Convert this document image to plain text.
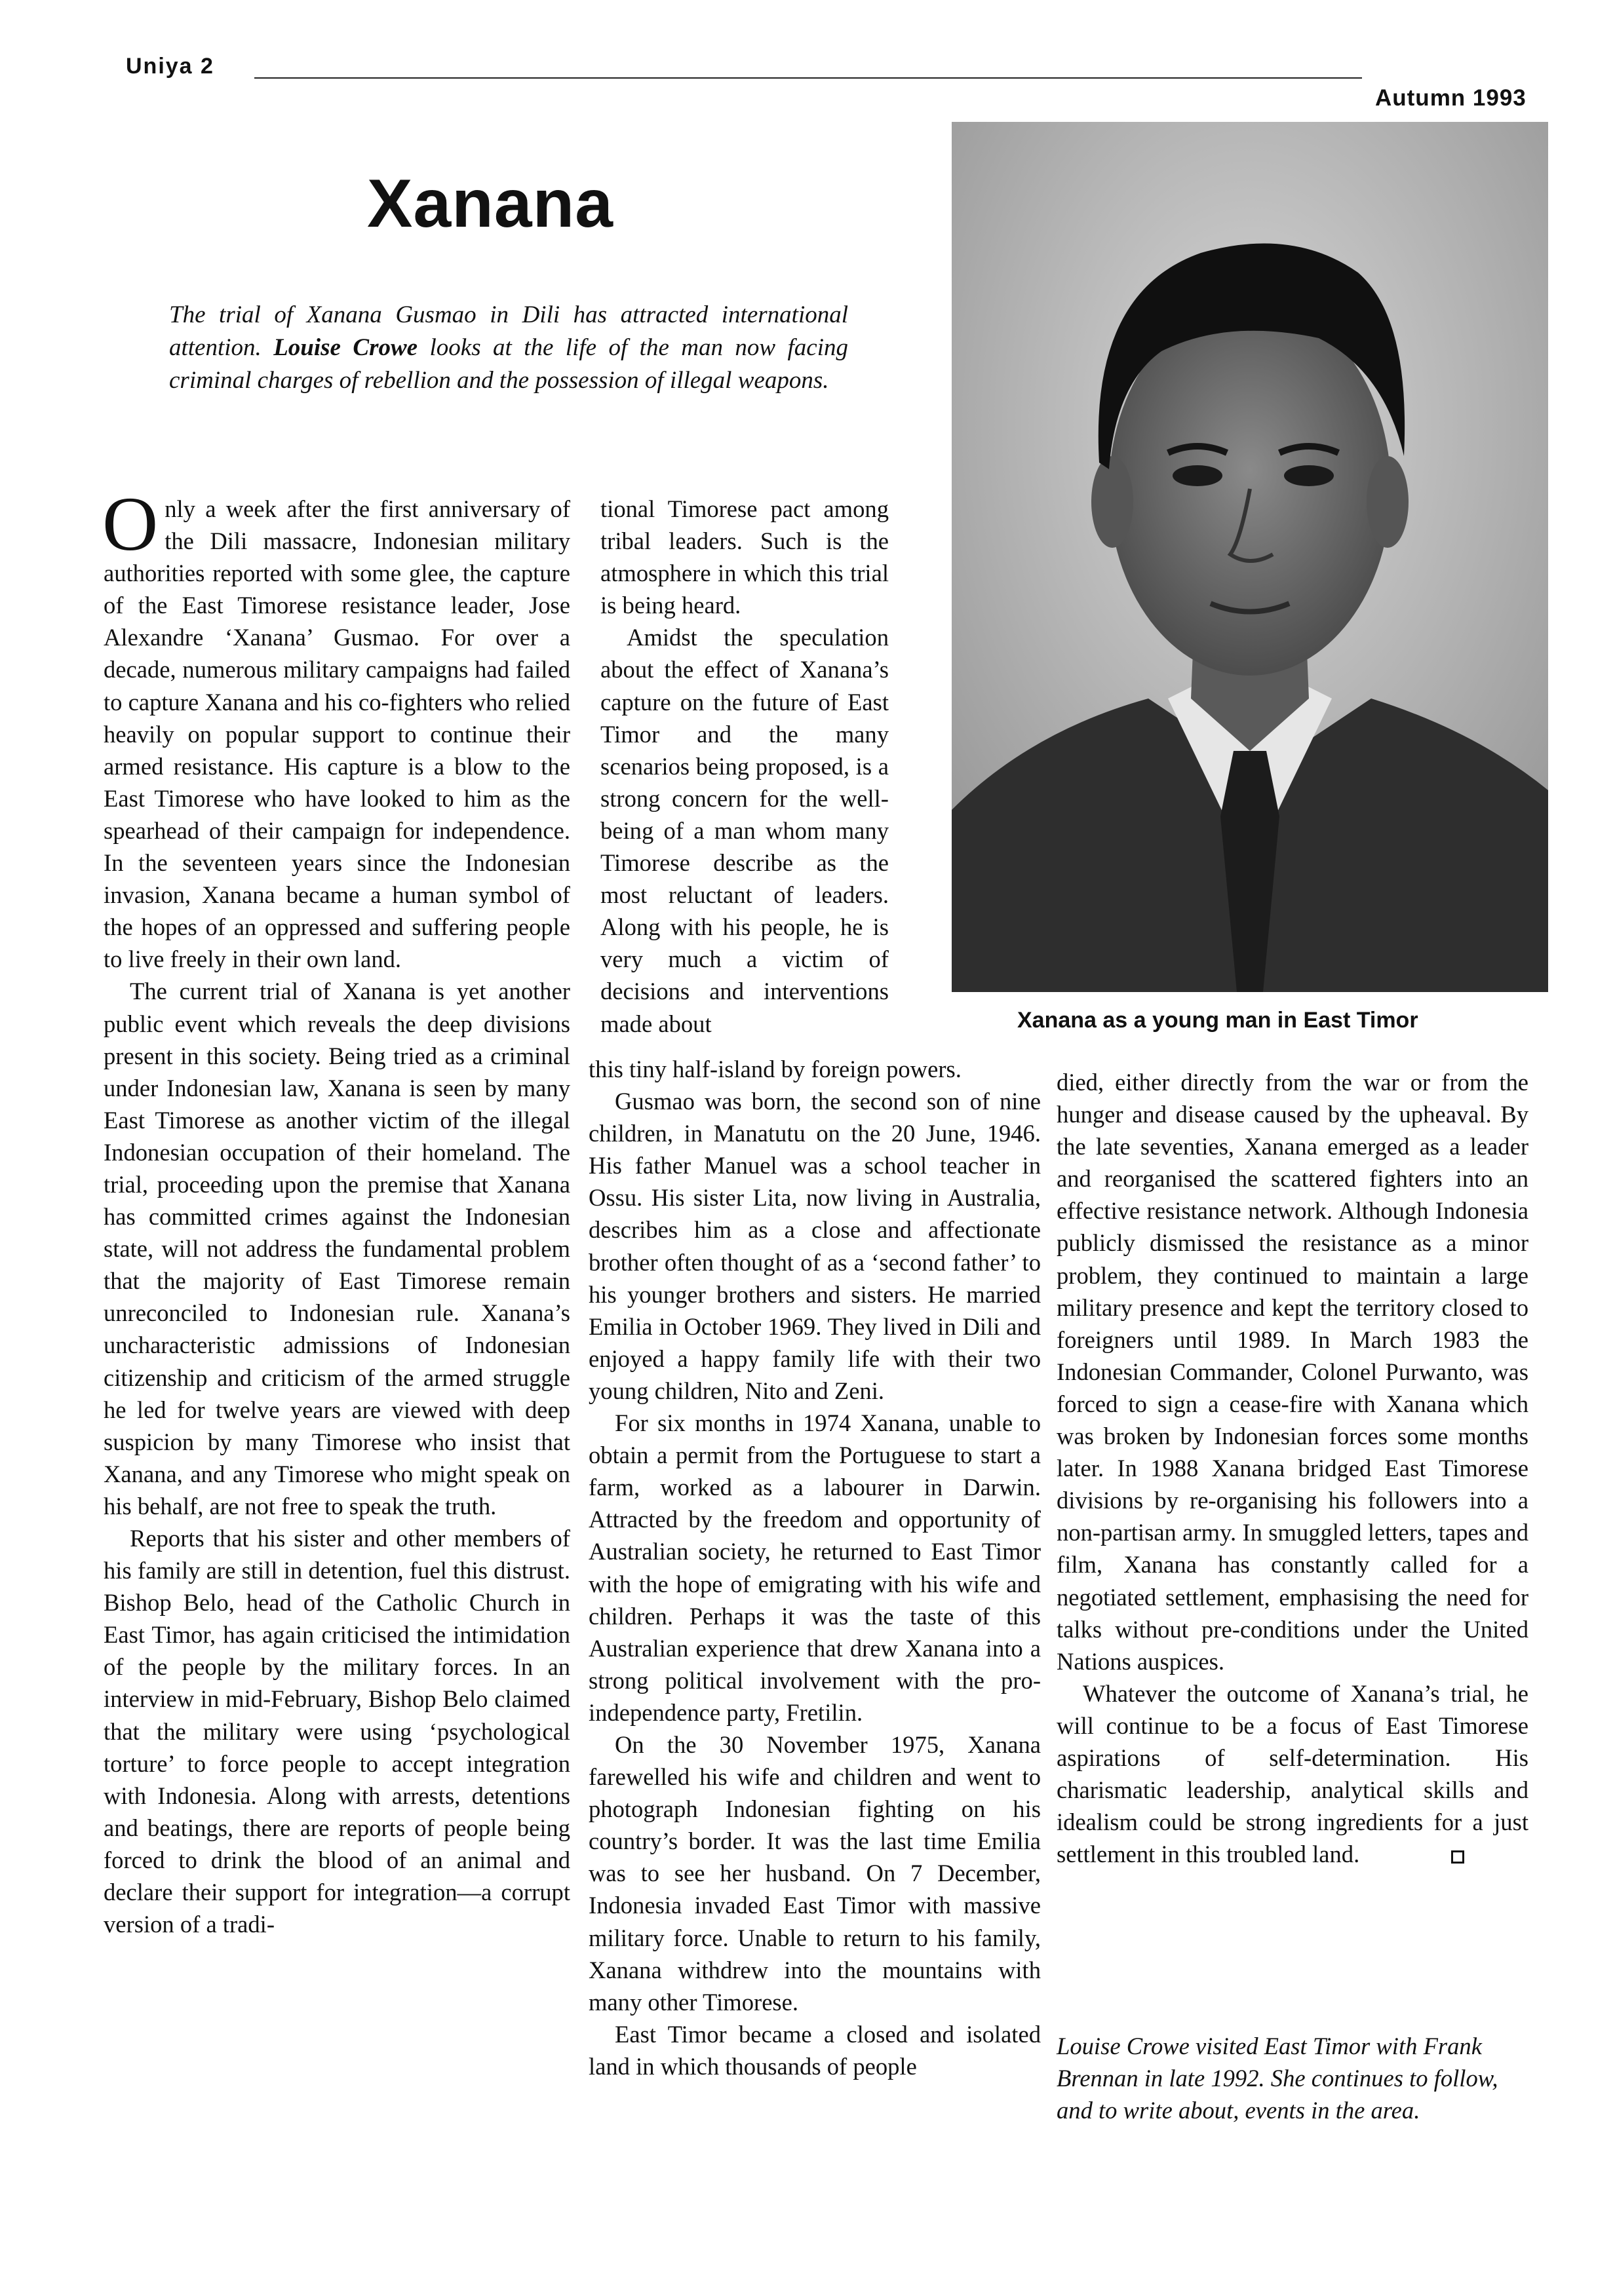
Uniya 2
Autumn 1993
Xanana
The trial of Xanana Gusmao in Dili has attracted international attention. Louise Crowe looks at the life of the man now facing criminal charges of rebellion and the possession of illegal weapons.
Xanana as a young man in East Timor

Only a week after the first anniversary of the Dili massacre, Indonesian military authorities reported with some glee, the capture of the East Timorese resistance leader, Jose Alexandre ‘Xanana’ Gusmao. For over a decade, numerous military campaigns had failed to capture Xanana and his co-fighters who relied heavily on popular support to continue their armed resistance. His capture is a blow to the East Timorese who have looked to him as the spearhead of their campaign for independence. In the seventeen years since the Indonesian invasion, Xanana became a human symbol of the hopes of an oppressed and suffering people to live freely in their own land.

The current trial of Xanana is yet another public event which reveals the deep divisions present in this society. Being tried as a criminal under Indonesian law, Xanana is seen by many East Timorese as another victim of the illegal Indonesian occupation of their homeland. The trial, proceeding upon the premise that Xanana has committed crimes against the Indonesian state, will not address the fundamental problem that the majority of East Timorese remain unreconciled to Indonesian rule. Xanana’s uncharacteristic admissions of Indonesian citizenship and criticism of the armed struggle he led for twelve years are viewed with deep suspicion by many Timorese who insist that Xanana, and any Timorese who might speak on his behalf, are not free to speak the truth.

Reports that his sister and other members of his family are still in detention, fuel this distrust. Bishop Belo, head of the Catholic Church in East Timor, has again criticised the intimidation of the people by the military forces. In an interview in mid-February, Bishop Belo claimed that the military were using ‘psychological torture’ to force people to accept integration with Indonesia. Along with arrests, detentions and beatings, there are reports of people being forced to drink the blood of an animal and declare their support for integration—a corrupt version of a tradi-

tional Timorese pact among tribal leaders. Such is the atmosphere in which this trial is being heard.

Amidst the speculation about the effect of Xanana’s capture on the future of East Timor and the many scenarios being proposed, is a strong concern for the well-being of a man whom many Timorese describe as the most reluctant of leaders. Along with his people, he is very much a victim of decisions and interventions made about

this tiny half-island by foreign powers.

Gusmao was born, the second son of nine children, in Manatutu on the 20 June, 1946. His father Manuel was a school teacher in Ossu. His sister Lita, now living in Australia, describes him as a close and affectionate brother often thought of as a ‘second father’ to his younger brothers and sisters. He married Emilia in October 1969. They lived in Dili and enjoyed a happy family life with their two young children, Nito and Zeni.

For six months in 1974 Xanana, unable to obtain a permit from the Portuguese to start a farm, worked as a labourer in Darwin. Attracted by the freedom and opportunity of Australian society, he returned to East Timor with the hope of emigrating with his wife and children. Perhaps it was the taste of this Australian experience that drew Xanana into a strong political involvement with the pro-independence party, Fretilin.

On the 30 November 1975, Xanana farewelled his wife and children and went to photograph Indonesian fighting on his country’s border. It was the last time Emilia was to see her husband. On 7 December, Indonesia invaded East Timor with massive military force. Unable to return to his family, Xanana withdrew into the mountains with many other Timorese.

East Timor became a closed and isolated land in which thousands of people

died, either directly from the war or from the hunger and disease caused by the upheaval. By the late seventies, Xanana emerged as a leader and reorganised the scattered fighters into an effective resistance network. Although Indonesia publicly dismissed the resistance as a minor problem, they continued to maintain a large military presence and kept the territory closed to foreigners until 1989. In March 1983 the Indonesian Commander, Colonel Purwanto, was forced to sign a cease-fire with Xanana which was broken by Indonesian forces some months later. In 1988 Xanana bridged East Timorese divisions by re-organising his followers into a non-partisan army. In smuggled letters, tapes and film, Xanana has constantly called for a negotiated settlement, emphasising the need for talks without pre-conditions under the United Nations auspices.

Whatever the outcome of Xanana’s trial, he will continue to be a focus of East Timorese aspirations of self-determination. His charismatic leadership, analytical skills and idealism could be strong ingredients for a just settlement in this troubled land.

Louise Crowe visited East Timor with Frank Brennan in late 1992. She continues to follow, and to write about, events in the area.
